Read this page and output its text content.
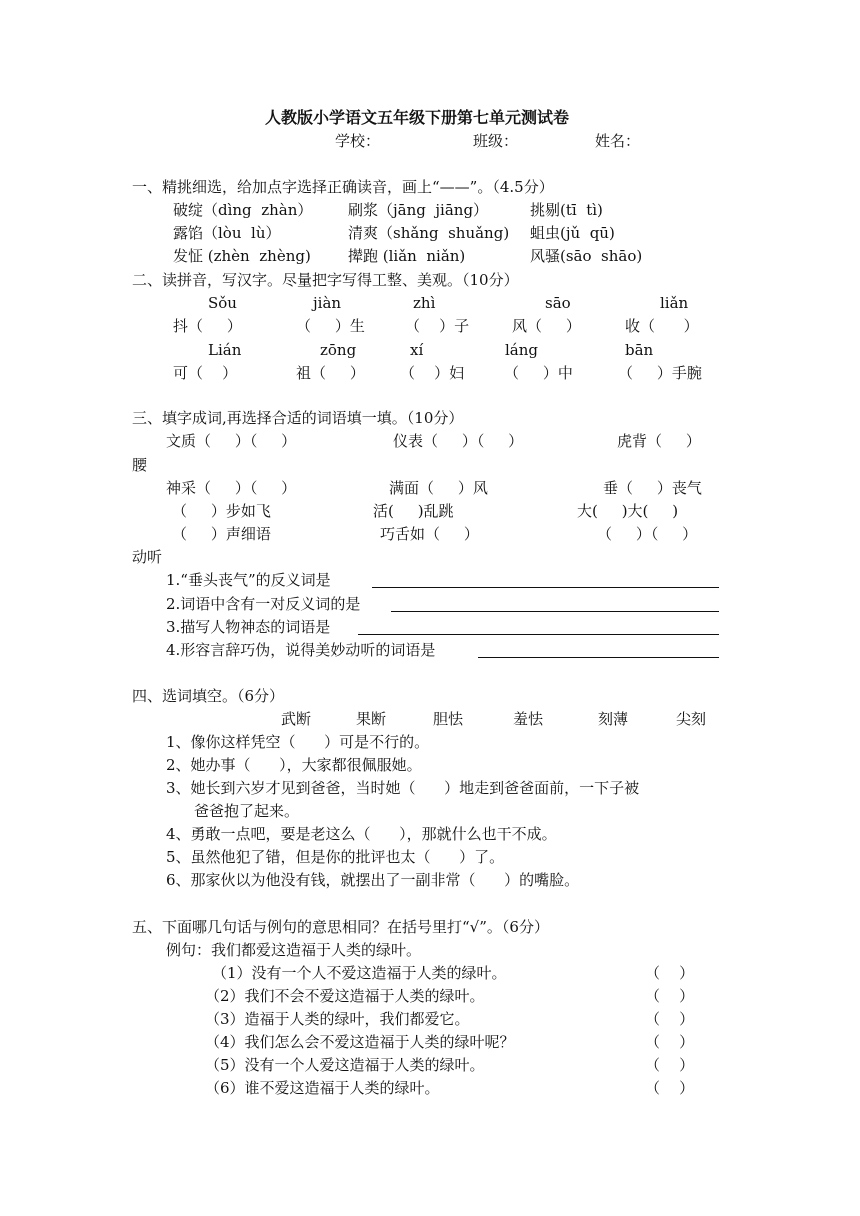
人教版小学语文五年级下册第七单元测试卷
学校：	班级：	姓名：
一、精挑细选，给加点字选择正确读音，画上“——”。（4.5分）
破绽（dìng  zhàn） 刷浆（jāng  jiāng）	挑剔(tī  tì)
露馅（lòu  lù）	清爽（shǎng  shuǎng) 蛆虫(jǔ  qū)
发怔 (zhèn  zhèng) 撵跑 (liǎn  niǎn)	风骚(sāo  shāo)
二、读拼音，写汉字。尽量把字写得工整、美观。（10分）
Sǒu	jiàn	zhì	sāo	liǎn
抖（     ）	（     ）生	（    ）子	风（     ）	收（      ）
Lián	zōng	xí	láng	bān
可（    ）	祖（     ） （    ）妇	（     ）中	（     ）手腕
三、填字成词,再选择合适的词语填一填。（10分）
文质（     ）（     ）	仪表（     ）（     ）	虎背（     ）
腰
神采（     ）（     ）	满面（     ）风	垂（     ）丧气
（     ）步如飞	活(     )乱跳	大(     )大(     )
（     ）声细语	巧舌如（     ）	（     ）（     ）
动听
1.“垂头丧气”的反义词是
2.词语中含有一对反义词的是
3.描写人物神态的词语是
4.形容言辞巧伪，说得美妙动听的词语是
四、选词填空。（6分）
武断	果断	胆怯	羞怯	刻薄	尖刻
1、像你这样凭空（      ）可是不行的。
2、她办事（      ），大家都很佩服她。
3、她长到六岁才见到爸爸，当时她（      ）地走到爸爸面前，一下子被
爸爸抱了起来。
4、勇敢一点吧，要是老这么（      ），那就什么也干不成。
5、虽然他犯了错，但是你的批评也太（      ）了。
6、那家伙以为他没有钱，就摆出了一副非常（      ）的嘴脸。
五、下面哪几句话与例句的意思相同？在括号里打“√”。（6分）
例句：我们都爱这造福于人类的绿叶。
（1）没有一个人不爱这造福于人类的绿叶。	（    ）
（2）我们不会不爱这造福于人类的绿叶。	（    ）
（3）造福于人类的绿叶，我们都爱它。	（    ）
（4）我们怎么会不爱这造福于人类的绿叶呢？	（    ）
（5）没有一个人爱这造福于人类的绿叶。	（    ）
（6）谁不爱这造福于人类的绿叶。	（    ）
